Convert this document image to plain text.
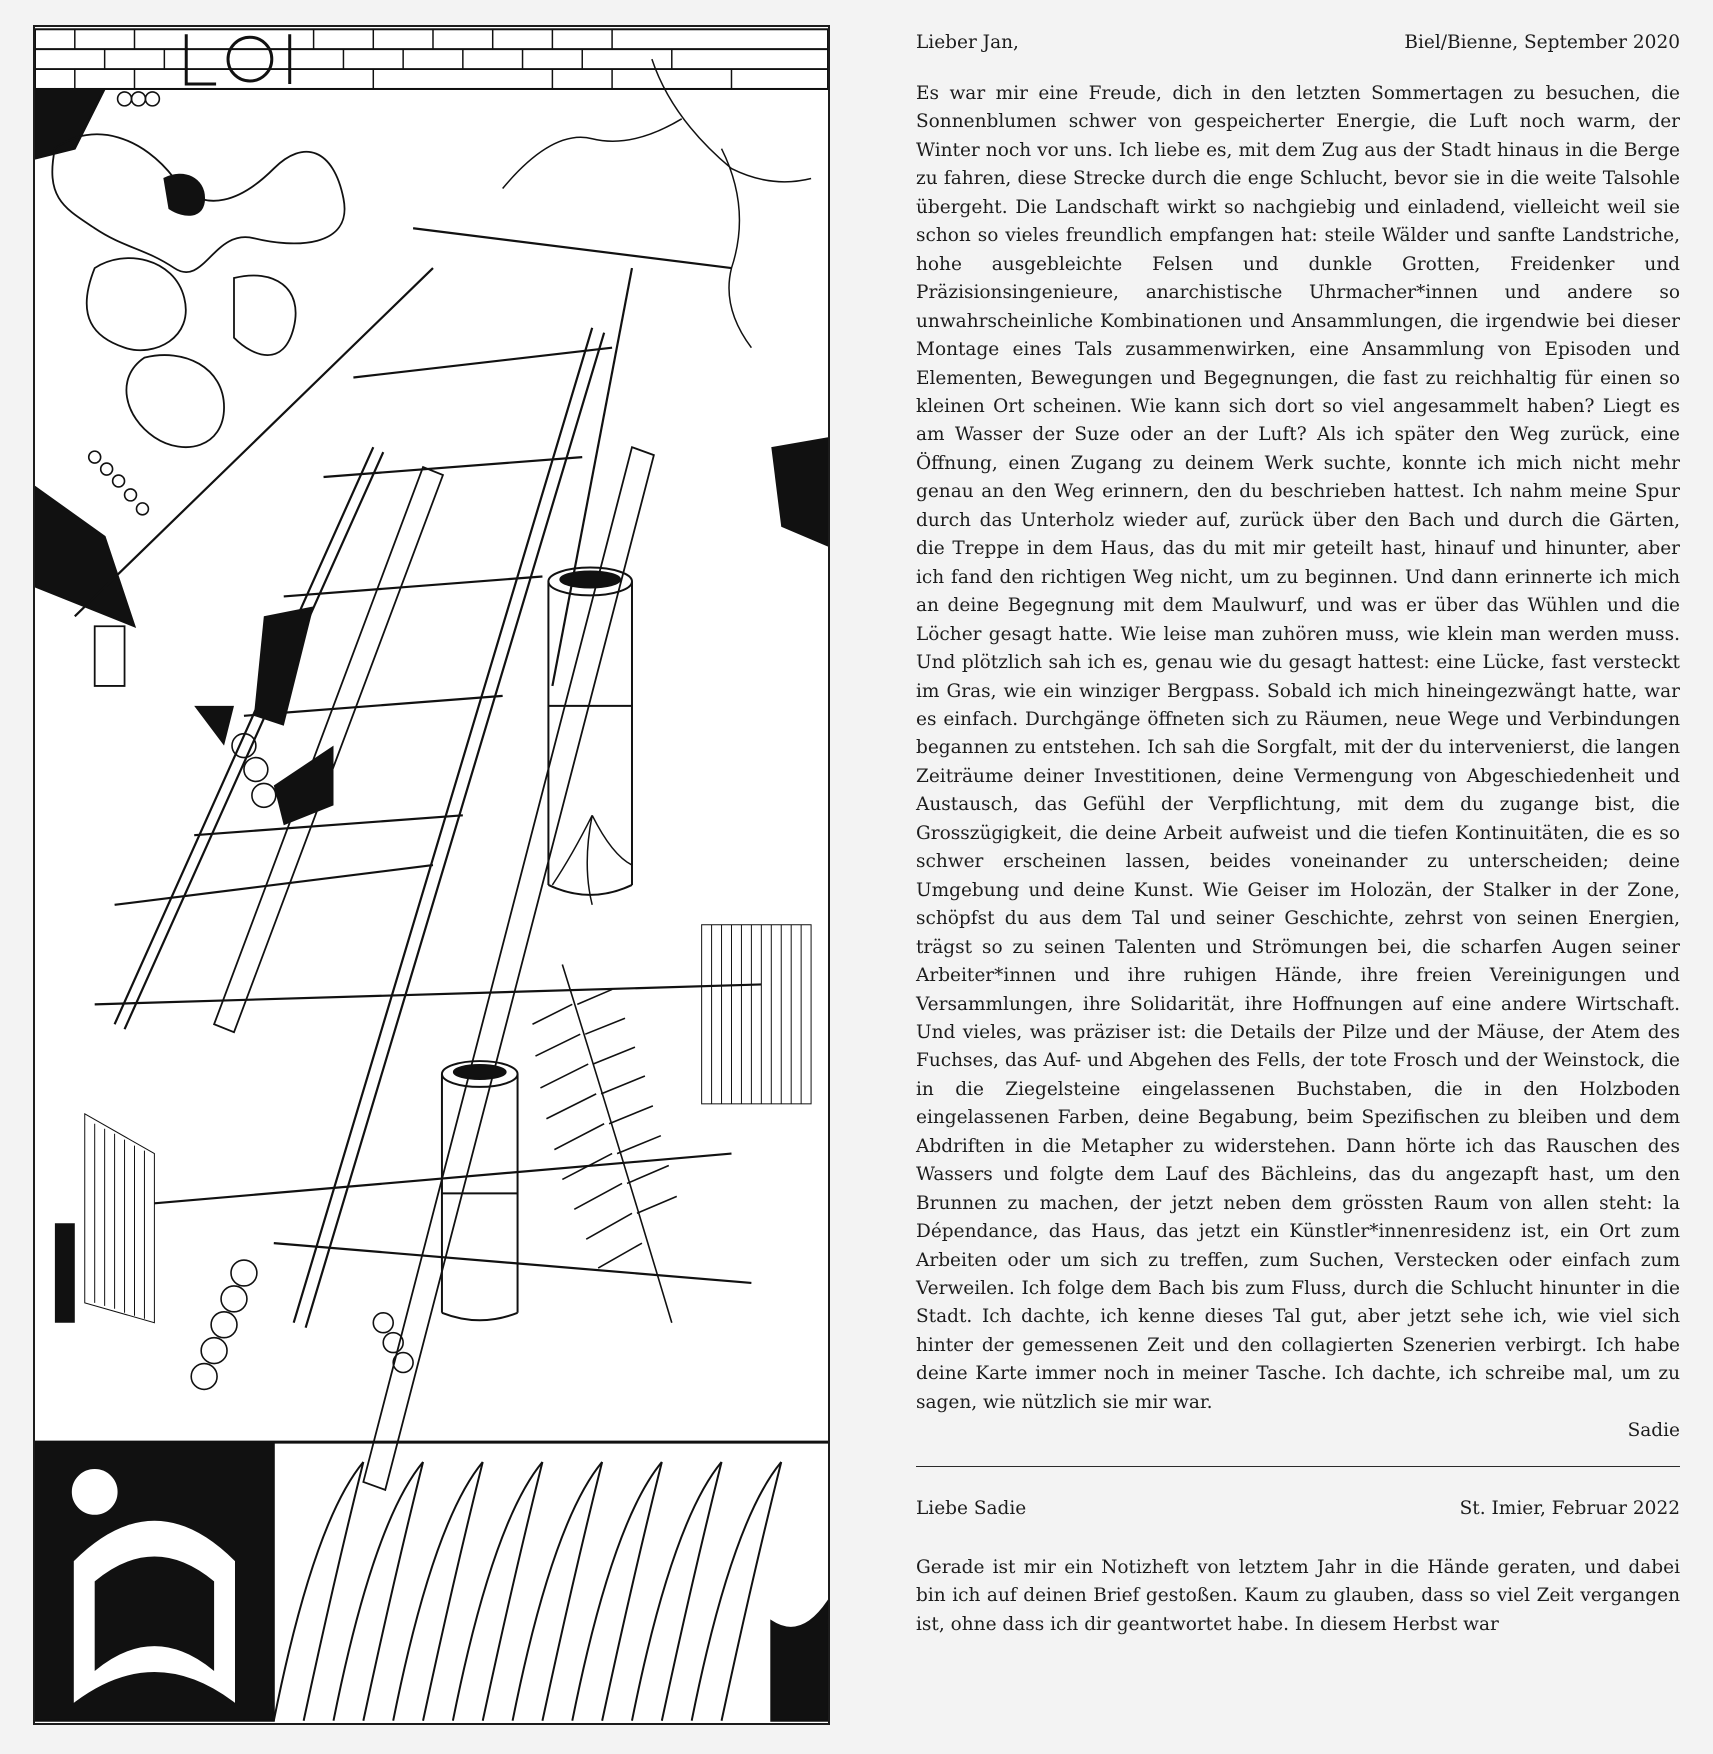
Lieber Jan,	Biel/Bienne, September 2020
Es war mir eine Freude, dich in den letzten Sommertagen zu besuchen, die Sonnenblumen schwer von gespeicherter Energie, die Luft noch warm, der Winter noch vor uns. Ich liebe es, mit dem Zug aus der Stadt hinaus in die Berge zu fahren, diese Strecke durch die enge Schlucht, bevor sie in die weite Talsohle übergeht. Die Landschaft wirkt so nachgiebig und einladend, vielleicht weil sie schon so vieles freundlich empfangen hat: steile Wälder und sanfte Landstriche, hohe ausgebleichte Felsen und dunkle Grotten, Freidenker und Präzisionsingenieure, anarchistische Uhrmacher*innen und andere so unwahrscheinliche Kombinationen und Ansammlungen, die irgendwie bei dieser Montage eines Tals zusammenwirken, eine Ansammlung von Episoden und Elementen, Bewegungen und Begegnungen, die fast zu reichhaltig für einen so kleinen Ort scheinen. Wie kann sich dort so viel angesammelt haben? Liegt es am Wasser der Suze oder an der Luft? Als ich später den Weg zurück, eine Öffnung, einen Zugang zu deinem Werk suchte, konnte ich mich nicht mehr genau an den Weg erinnern, den du beschrieben hattest. Ich nahm meine Spur durch das Unterholz wieder auf, zurück über den Bach und durch die Gärten, die Treppe in dem Haus, das du mit mir geteilt hast, hinauf und hinunter, aber ich fand den richtigen Weg nicht, um zu beginnen. Und dann erinnerte ich mich an deine Begegnung mit dem Maulwurf, und was er über das Wühlen und die Löcher gesagt hatte. Wie leise man zuhören muss, wie klein man werden muss. Und plötzlich sah ich es, genau wie du gesagt hattest: eine Lücke, fast versteckt im Gras, wie ein winziger Bergpass. Sobald ich mich hineingezwängt hatte, war es einfach. Durchgänge öffneten sich zu Räumen, neue Wege und Verbindungen begannen zu entstehen. Ich sah die Sorgfalt, mit der du intervenierst, die langen Zeiträume deiner Investitionen, deine Vermengung von Abgeschiedenheit und Austausch, das Gefühl der Verpflichtung, mit dem du zugange bist, die Grosszügigkeit, die deine Arbeit aufweist und die tiefen Kontinuitäten, die es so schwer erscheinen lassen, beides voneinander zu unterscheiden; deine Umgebung und deine Kunst. Wie Geiser im Holozän, der Stalker in der Zone, schöpfst du aus dem Tal und seiner Geschichte, zehrst von seinen Energien, trägst so zu seinen Talenten und Strömungen bei, die scharfen Augen seiner Arbeiter*innen und ihre ruhigen Hände, ihre freien Vereinigungen und Versammlungen, ihre Solidarität, ihre Hoffnungen auf eine andere Wirtschaft. Und vieles, was präziser ist: die Details der Pilze und der Mäuse, der Atem des Fuchses, das Auf- und Abgehen des Fells, der tote Frosch und der Weinstock, die in die Ziegelsteine eingelassenen Buchstaben, die in den Holzboden eingelassenen Farben, deine Begabung, beim Spezifischen zu bleiben und dem Abdriften in die Metapher zu widerstehen. Dann hörte ich das Rauschen des Wassers und folgte dem Lauf des Bächleins, das du angezapft hast, um den Brunnen zu machen, der jetzt neben dem grössten Raum von allen steht: la Dépendance, das Haus, das jetzt ein Künstler*innenresidenz ist, ein Ort zum Arbeiten oder um sich zu treffen, zum Suchen, Verstecken oder einfach zum Verweilen. Ich folge dem Bach bis zum Fluss, durch die Schlucht hinunter in die Stadt. Ich dachte, ich kenne dieses Tal gut, aber jetzt sehe ich, wie viel sich hinter der gemessenen Zeit und den collagierten Szenerien verbirgt. Ich habe deine Karte immer noch in meiner Tasche. Ich dachte, ich schreibe mal, um zu sagen, wie nützlich sie mir war.
Sadie
Liebe Sadie	St. Imier, Februar 2022
Gerade ist mir ein Notizheft von letztem Jahr in die Hände geraten, und dabei bin ich auf deinen Brief gestoßen. Kaum zu glauben, dass so viel Zeit vergangen ist, ohne dass ich dir geantwortet habe. In diesem Herbst war
